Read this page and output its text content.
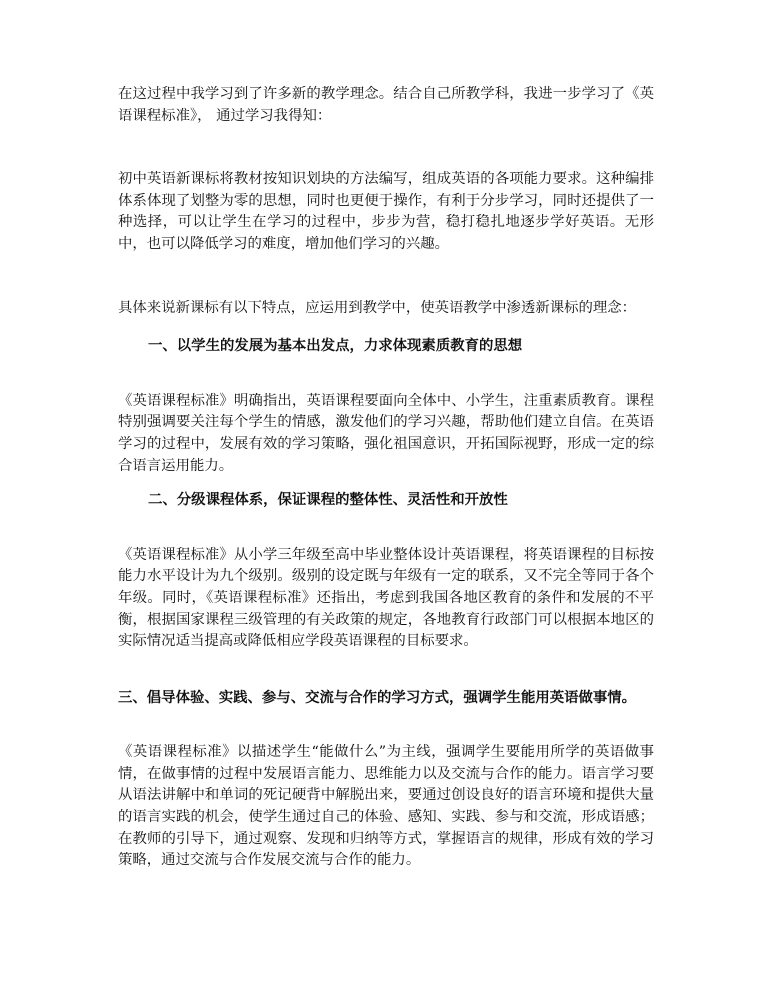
在这过程中我学习到了许多新的教学理念。结合自己所教学科，我进一步学习了《英语课程标准》， 通过学习我得知：

初中英语新课标将教材按知识划块的方法编写，组成英语的各项能力要求。这种编排体系体现了划整为零的思想，同时也更便于操作，有利于分步学习，同时还提供了一种选择，可以让学生在学习的过程中，步步为营，稳打稳扎地逐步学好英语。无形中，也可以降低学习的难度，增加他们学习的兴趣。

具体来说新课标有以下特点，应运用到教学中，使英语教学中渗透新课标的理念：

一、以学生的发展为基本出发点，力求体现素质教育的思想

《英语课程标准》明确指出，英语课程要面向全体中、小学生，注重素质教育。课程特别强调要关注每个学生的情感，激发他们的学习兴趣，帮助他们建立自信。在英语学习的过程中，发展有效的学习策略，强化祖国意识，开拓国际视野，形成一定的综合语言运用能力。

二、分级课程体系，保证课程的整体性、灵活性和开放性

《英语课程标准》从小学三年级至高中毕业整体设计英语课程，将英语课程的目标按能力水平设计为九个级别。级别的设定既与年级有一定的联系，又不完全等同于各个年级。同时，《英语课程标准》还指出，考虑到我国各地区教育的条件和发展的不平衡，根据国家课程三级管理的有关政策的规定，各地教育行政部门可以根据本地区的实际情况适当提高或降低相应学段英语课程的目标要求。

三、倡导体验、实践、参与、交流与合作的学习方式，强调学生能用英语做事情。

《英语课程标准》以描述学生“能做什么”为主线，强调学生要能用所学的英语做事情，在做事情的过程中发展语言能力、思维能力以及交流与合作的能力。语言学习要从语法讲解中和单词的死记硬背中解脱出来，要通过创设良好的语言环境和提供大量的语言实践的机会，使学生通过自己的体验、感知、实践、参与和交流，形成语感；在教师的引导下，通过观察、发现和归纳等方式，掌握语言的规律，形成有效的学习策略，通过交流与合作发展交流与合作的能力。
